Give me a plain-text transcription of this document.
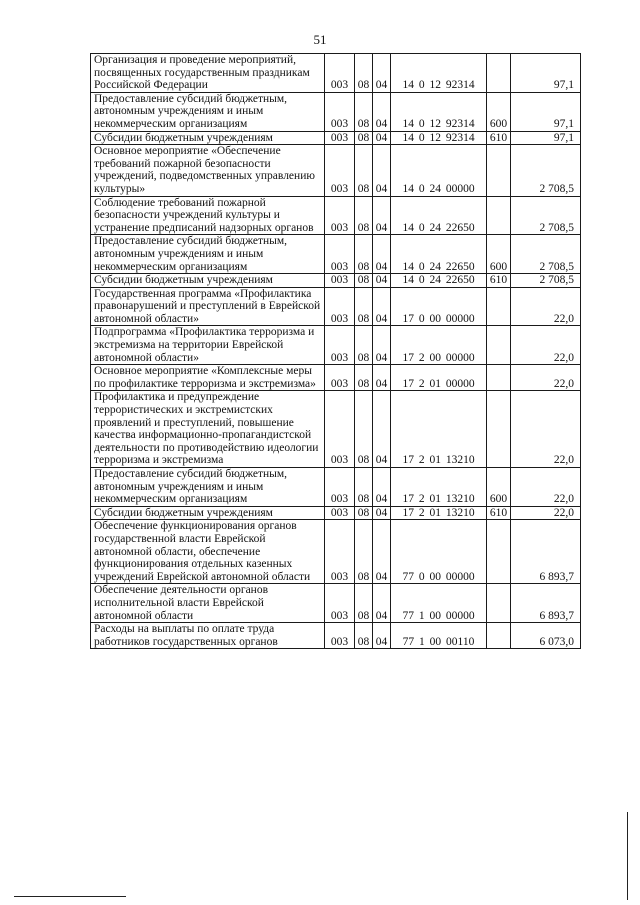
51
Организация и проведение мероприятий, посвященных государственным праздникам Российской Федерации	003	08	04	14 0 12 92314		97,1
Предоставление субсидий бюджетным, автономным учреждениям и иным некоммерческим организациям	003	08	04	14 0 12 92314	600	97,1
Субсидии бюджетным учреждениям	003	08	04	14 0 12 92314	610	97,1
Основное мероприятие «Обеспечение требований пожарной безопасности учреждений, подведомственных управлению культуры»	003	08	04	14 0 24 00000		2 708,5
Соблюдение требований пожарной безопасности учреждений культуры и устранение предписаний надзорных органов	003	08	04	14 0 24 22650		2 708,5
Предоставление субсидий бюджетным, автономным учреждениям и иным некоммерческим организациям	003	08	04	14 0 24 22650	600	2 708,5
Субсидии бюджетным учреждениям	003	08	04	14 0 24 22650	610	2 708,5
Государственная программа «Профилактика правонарушений и преступлений в Еврейской автономной области»	003	08	04	17 0 00 00000		22,0
Подпрограмма «Профилактика терроризма и экстремизма на территории Еврейской автономной области»	003	08	04	17 2 00 00000		22,0
Основное мероприятие «Комплексные меры по профилактике терроризма и экстремизма»	003	08	04	17 2 01 00000		22,0
Профилактика и предупреждение террористических и экстремистских проявлений и преступлений, повышение качества информационно-пропагандистской деятельности по противодействию идеологии терроризма и экстремизма	003	08	04	17 2 01 13210		22,0
Предоставление субсидий бюджетным, автономным учреждениям и иным некоммерческим организациям	003	08	04	17 2 01 13210	600	22,0
Субсидии бюджетным учреждениям	003	08	04	17 2 01 13210	610	22,0
Обеспечение функционирования органов государственной власти Еврейской автономной области, обеспечение функционирования отдельных казенных учреждений Еврейской автономной области	003	08	04	77 0 00 00000		6 893,7
Обеспечение деятельности органов исполнительной власти Еврейской автономной области	003	08	04	77 1 00 00000		6 893,7
Расходы на выплаты по оплате труда работников государственных органов	003	08	04	77 1 00 00110		6 073,0
